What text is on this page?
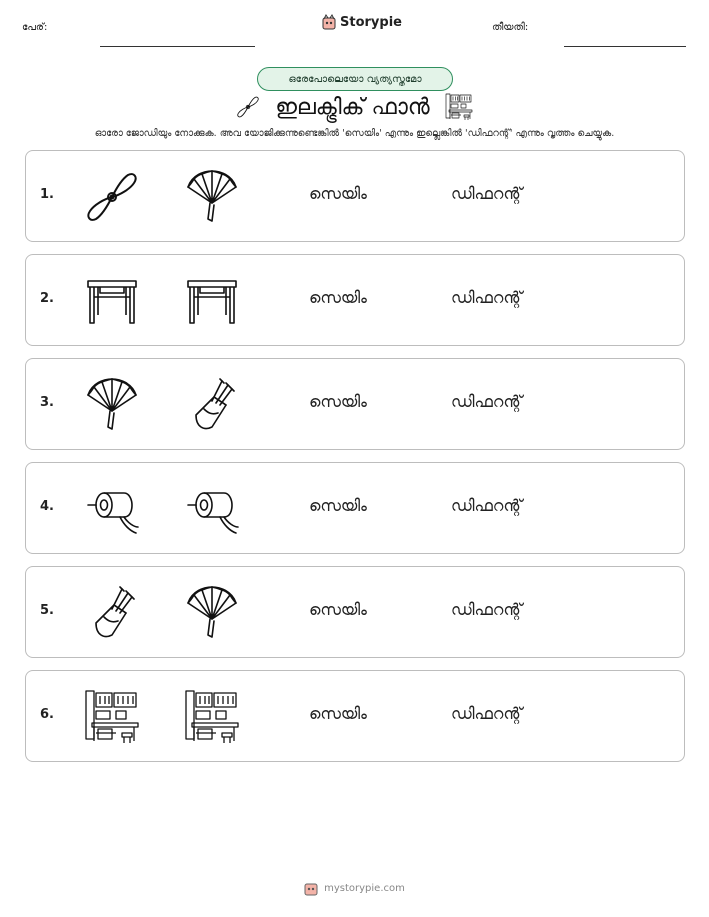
പേര്:	Storypie	തീയതി:
ഒരേപോലെയോ വ്യത്യസ്തമോ
ഇലക്ട്രിക് ഫാൻ
ഓരോ ജോഡിയും നോക്കുക. അവ യോജിക്കുന്നുണ്ടെങ്കിൽ 'സെയിം' എന്നും ഇല്ലെങ്കിൽ 'ഡിഫറന്റ്' എന്നും വൃത്തം ചെയ്യുക.
1.	സെയിം	ഡിഫറന്റ്
2.	സെയിം	ഡിഫറന്റ്
3.	സെയിം	ഡിഫറന്റ്
4.	സെയിം	ഡിഫറന്റ്
5.	സെയിം	ഡിഫറന്റ്
6.	സെയിം	ഡിഫറന്റ്
mystorypie.com
